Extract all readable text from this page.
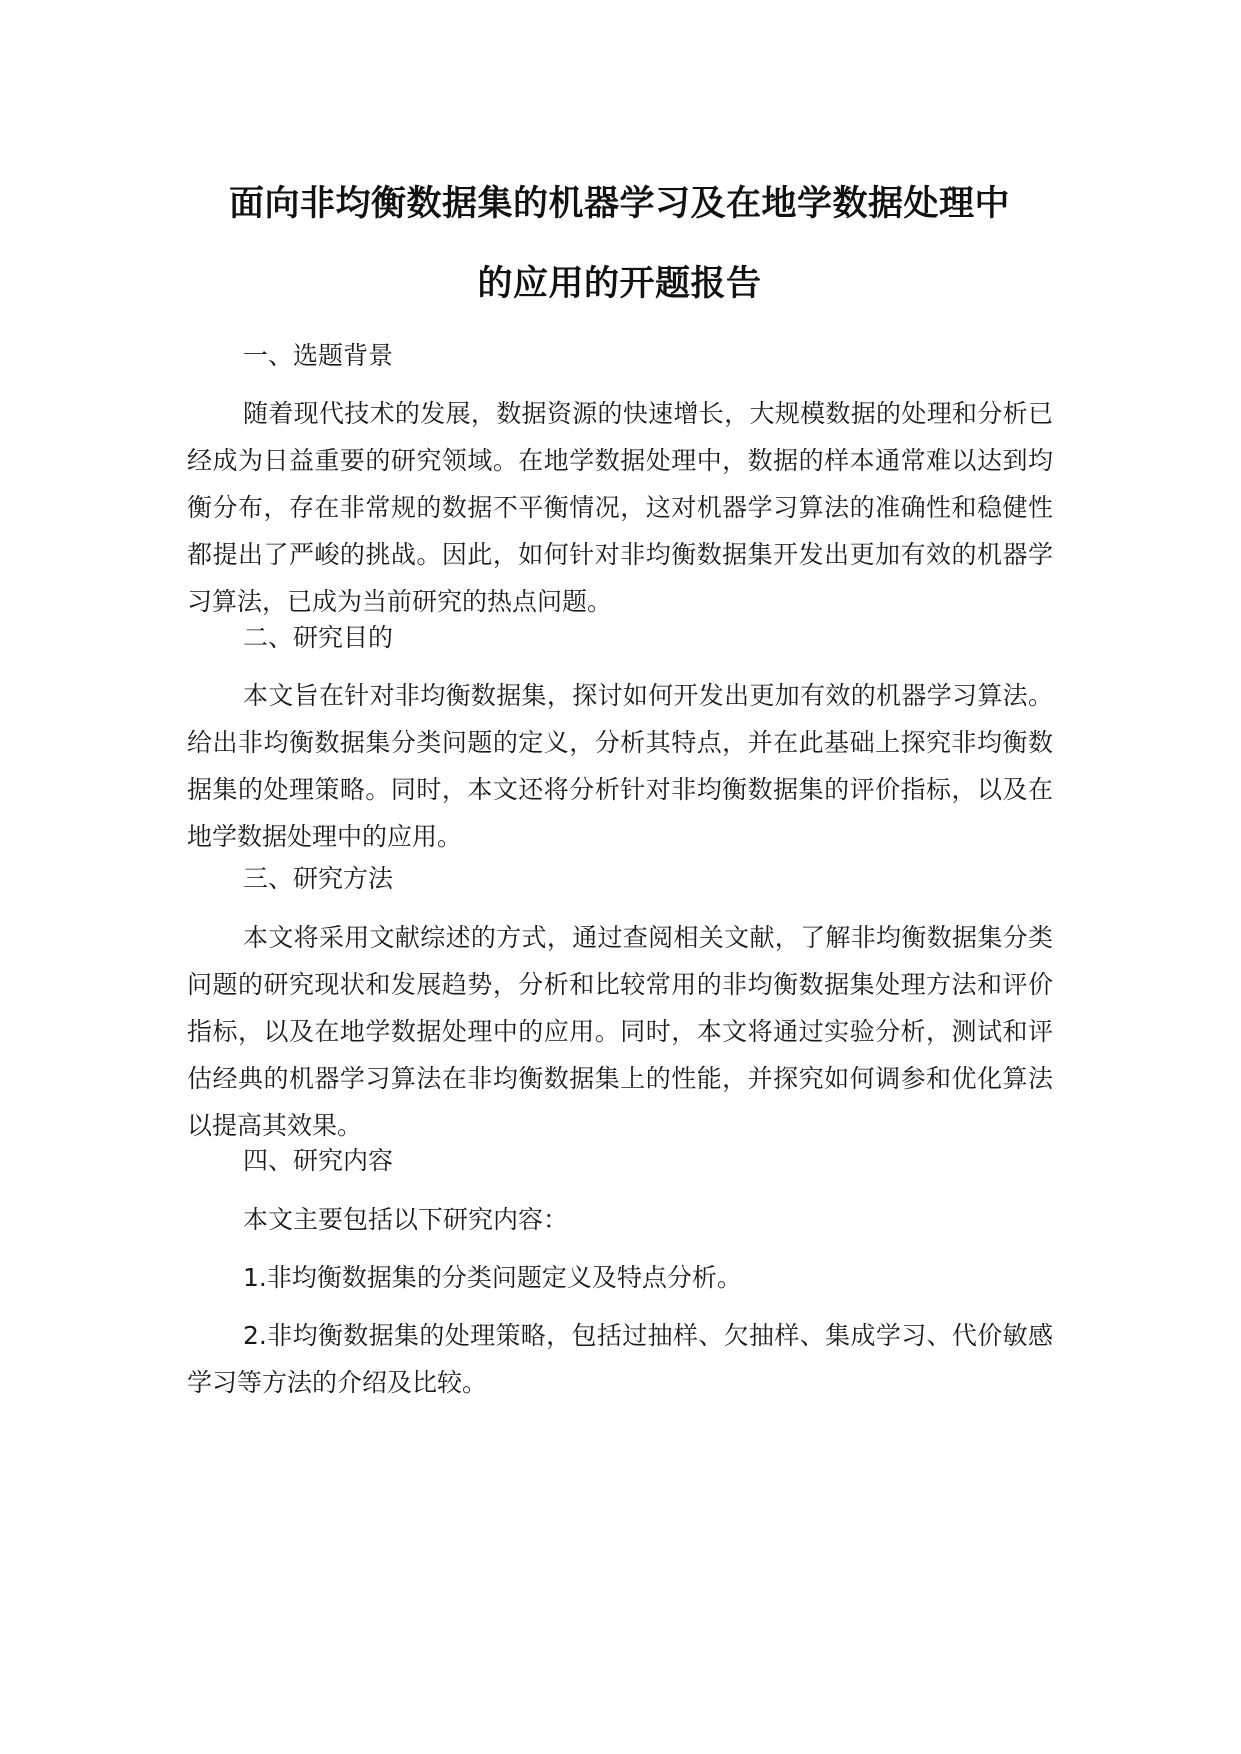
面向非均衡数据集的机器学习及在地学数据处理中
的应用的开题报告
一、选题背景
随着现代技术的发展，数据资源的快速增长，大规模数据的处理和分析已经成为日益重要的研究领域。在地学数据处理中，数据的样本通常难以达到均衡分布，存在非常规的数据不平衡情况，这对机器学习算法的准确性和稳健性都提出了严峻的挑战。因此，如何针对非均衡数据集开发出更加有效的机器学习算法，已成为当前研究的热点问题。
二、研究目的
本文旨在针对非均衡数据集，探讨如何开发出更加有效的机器学习算法。给出非均衡数据集分类问题的定义，分析其特点，并在此基础上探究非均衡数据集的处理策略。同时，本文还将分析针对非均衡数据集的评价指标，以及在地学数据处理中的应用。
三、研究方法
本文将采用文献综述的方式，通过查阅相关文献，了解非均衡数据集分类问题的研究现状和发展趋势，分析和比较常用的非均衡数据集处理方法和评价指标，以及在地学数据处理中的应用。同时，本文将通过实验分析，测试和评估经典的机器学习算法在非均衡数据集上的性能，并探究如何调参和优化算法以提高其效果。
四、研究内容
本文主要包括以下研究内容：
1.非均衡数据集的分类问题定义及特点分析。
2.非均衡数据集的处理策略，包括过抽样、欠抽样、集成学习、代价敏感学习等方法的介绍及比较。
